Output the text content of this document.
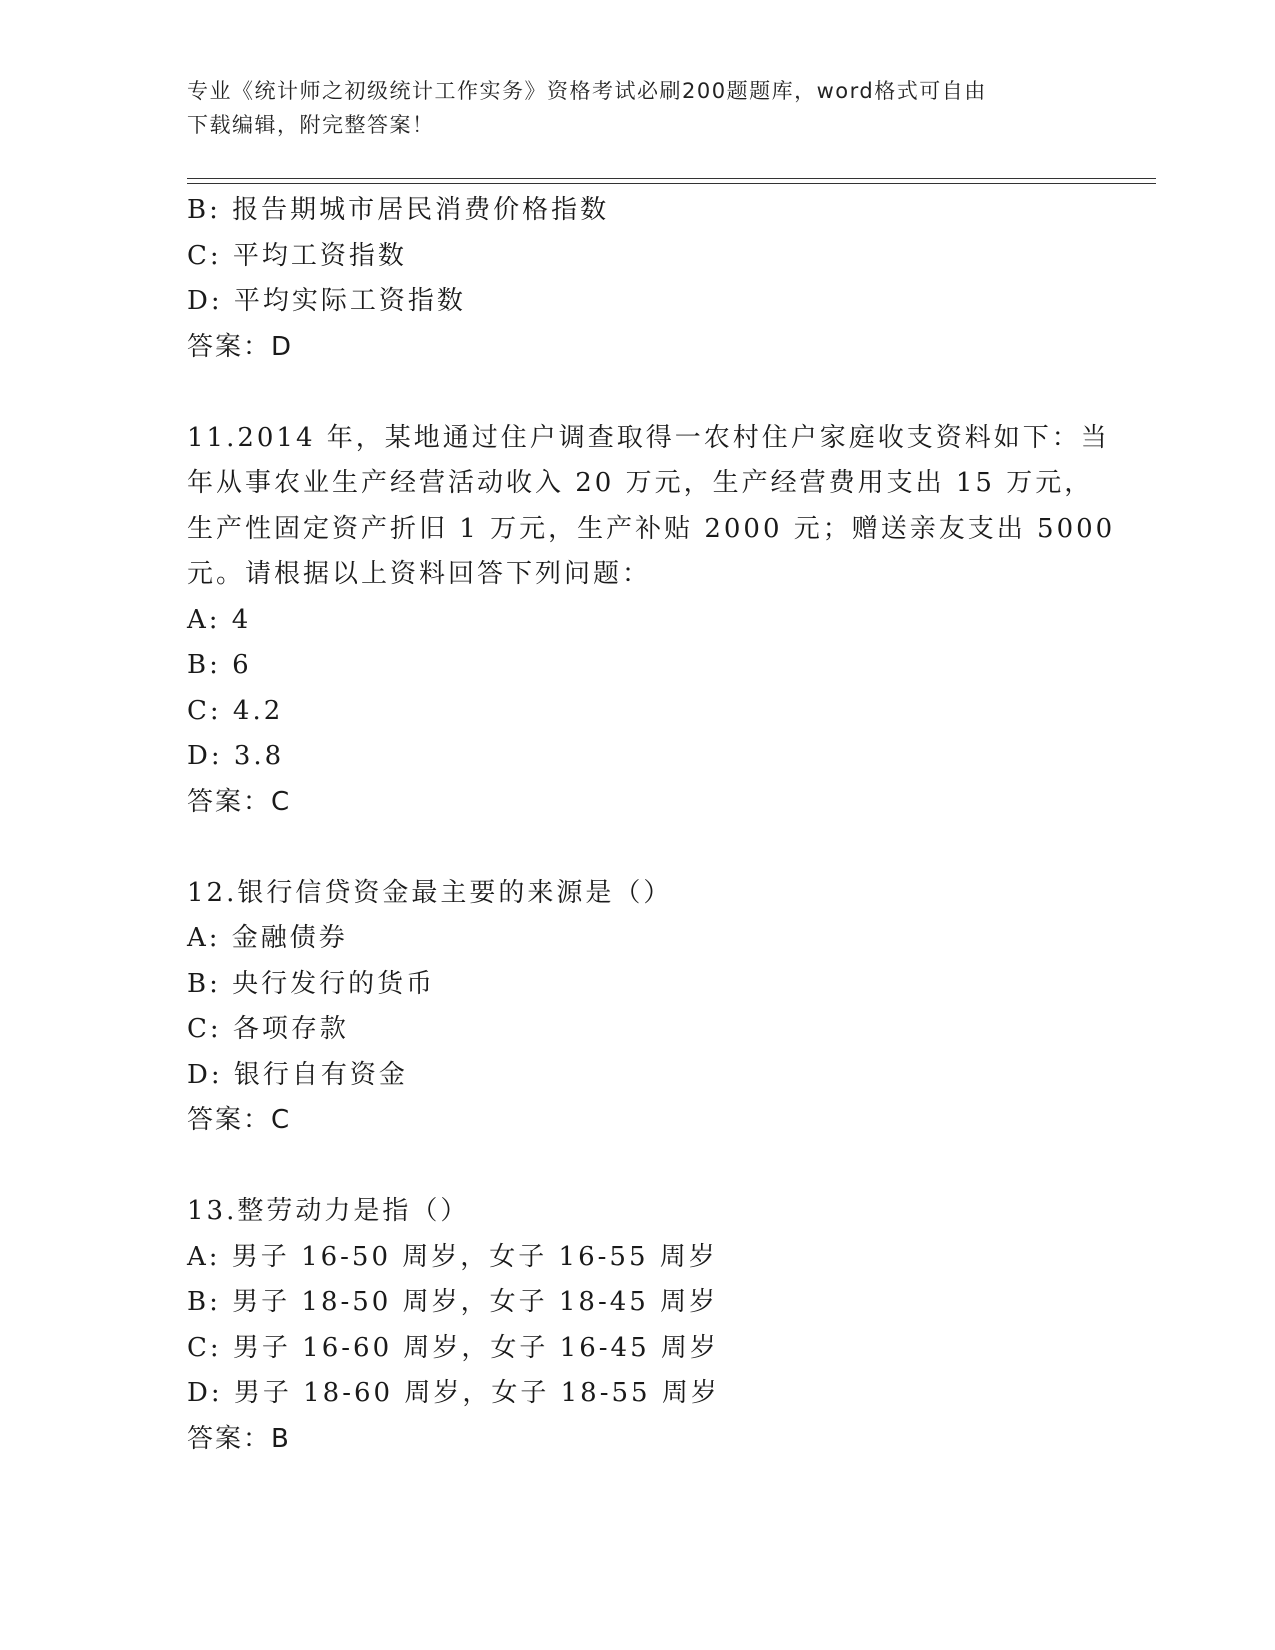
专业《统计师之初级统计工作实务》资格考试必刷200题题库，word格式可自由
下载编辑，附完整答案！
B: 报告期城市居民消费价格指数
C: 平均工资指数
D: 平均实际工资指数
答案：D
11.2014 年，某地通过住户调查取得一农村住户家庭收支资料如下：当
年从事农业生产经营活动收入 20 万元，生产经营费用支出 15 万元，
生产性固定资产折旧 1 万元，生产补贴 2000 元；赠送亲友支出 5000
元。请根据以上资料回答下列问题：
A: 4
B: 6
C: 4.2
D: 3.8
答案：C
12.银行信贷资金最主要的来源是（）
A: 金融债券
B: 央行发行的货币
C: 各项存款
D: 银行自有资金
答案：C
13.整劳动力是指（）
A: 男子 16-50 周岁，女子 16-55 周岁
B: 男子 18-50 周岁，女子 18-45 周岁
C: 男子 16-60 周岁，女子 16-45 周岁
D: 男子 18-60 周岁，女子 18-55 周岁
答案：B
